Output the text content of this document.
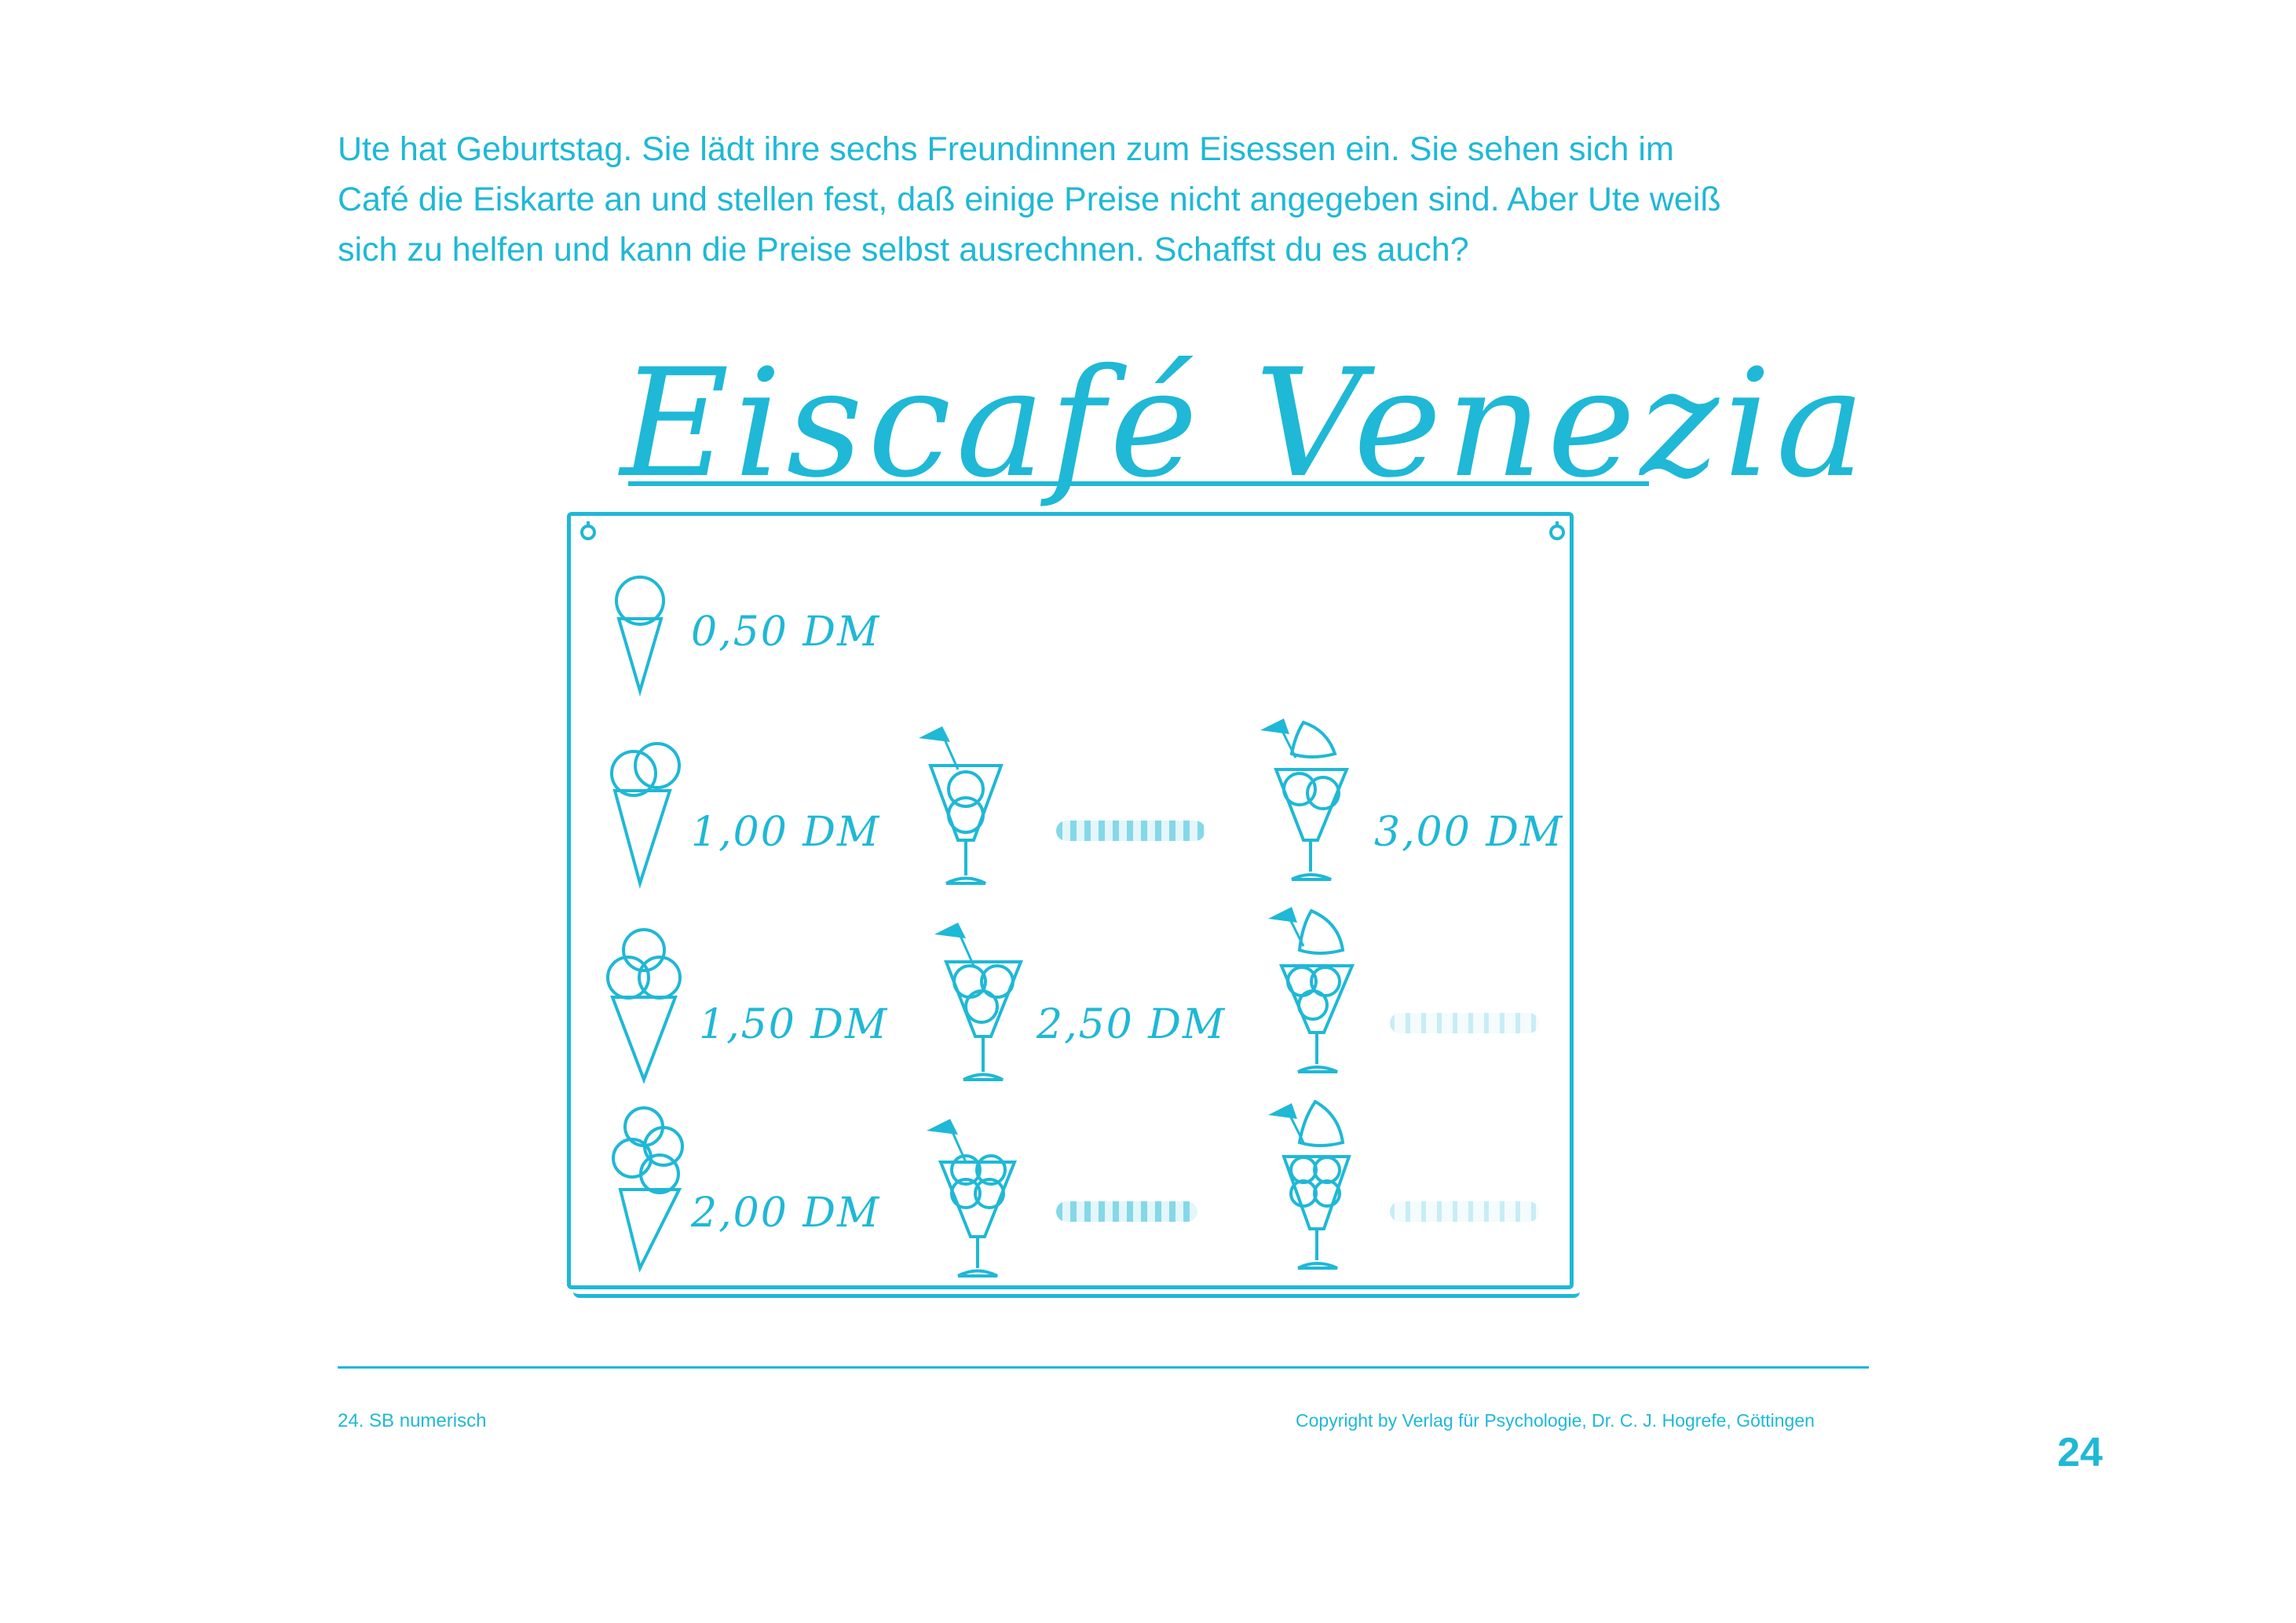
Ute hat Geburtstag. Sie lädt ihre sechs Freundinnen zum Eisessen ein. Sie sehen sich im
Café die Eiskarte an und stellen fest, daß einige Preise nicht angegeben sind. Aber Ute weiß
sich zu helfen und kann die Preise selbst ausrechnen. Schaffst du es auch?
Eiscafé Venezia
0,50 DM
1,00 DM
1,50 DM
2,00 DM
2,50 DM
3,00 DM
24. SB numerisch	Copyright by Verlag für Psychologie, Dr. C. J. Hogrefe, Göttingen
24
